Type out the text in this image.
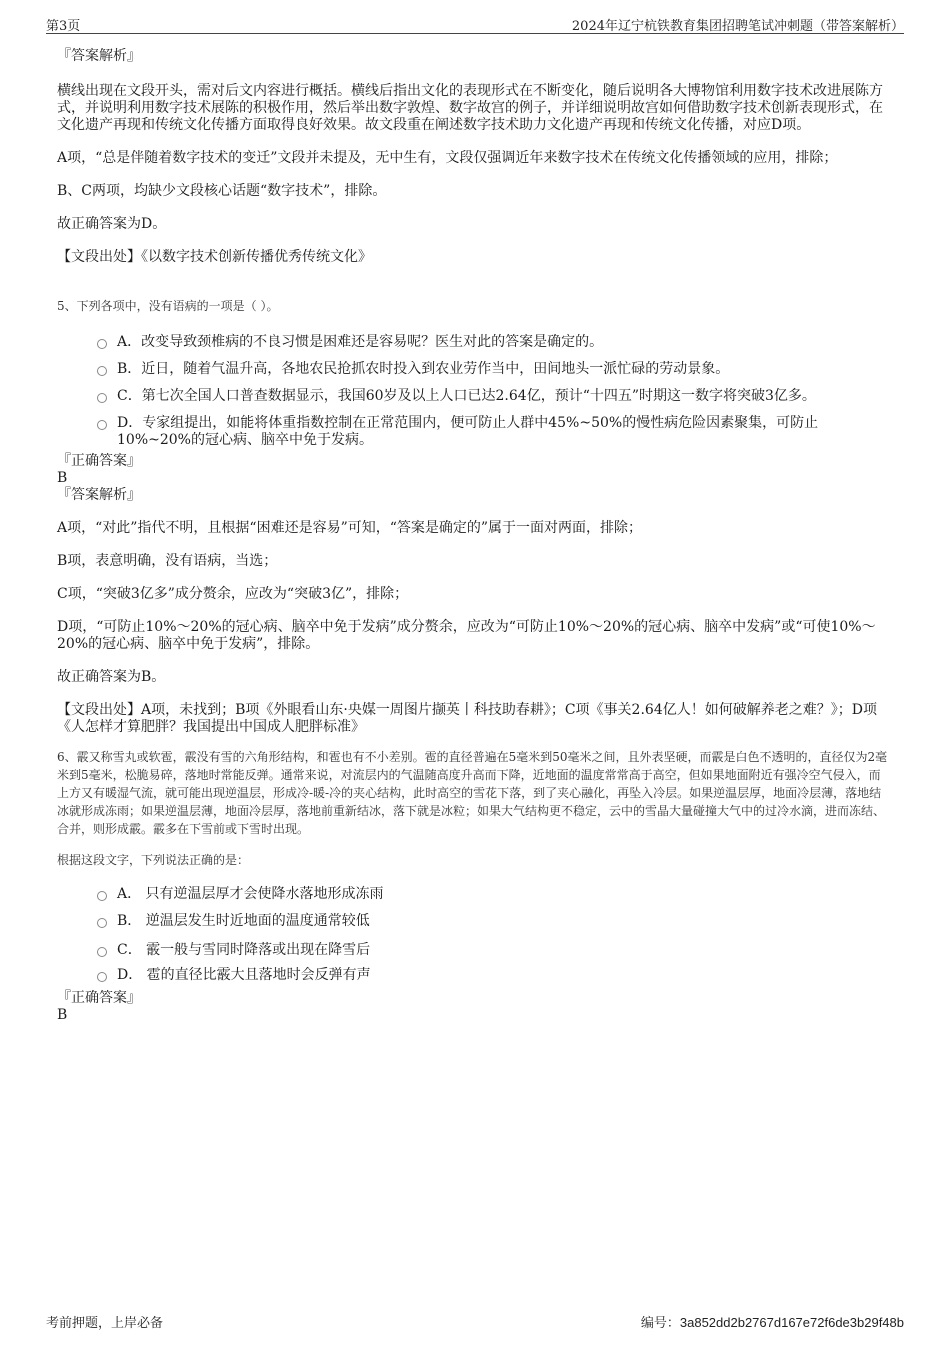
第3页	2024年辽宁杭铁教育集团招聘笔试冲刺题（带答案解析）

『答案解析』

横线出现在文段开头，需对后文内容进行概括。横线后指出文化的表现形式在不断变化，随后说明各大博物馆利用数字技术改进展陈方式，并说明利用数字技术展陈的积极作用，然后举出数字敦煌、数字故宫的例子，并详细说明故宫如何借助数字技术创新表现形式，在文化遗产再现和传统文化传播方面取得良好效果。故文段重在阐述数字技术助力文化遗产再现和传统文化传播，对应D项。

A项，“总是伴随着数字技术的变迁”文段并未提及，无中生有，文段仅强调近年来数字技术在传统文化传播领域的应用，排除；

B、C两项，均缺少文段核心话题“数字技术”，排除。

故正确答案为D。

【文段出处】《以数字技术创新传播优秀传统文化》

5、下列各项中，没有语病的一项是（ ）。

A．改变导致颈椎病的不良习惯是困难还是容易呢？医生对此的答案是确定的。
B．近日，随着气温升高，各地农民抢抓农时投入到农业劳作当中，田间地头一派忙碌的劳动景象。
C．第七次全国人口普查数据显示，我国60岁及以上人口已达2.64亿，预计“十四五”时期这一数字将突破3亿多。
D．专家组提出，如能将体重指数控制在正常范围内，便可防止人群中45%~50%的慢性病危险因素聚集，可防止10%~20%的冠心病、脑卒中免于发病。

『正确答案』

B

『答案解析』

A项，“对此”指代不明，且根据“困难还是容易”可知，“答案是确定的”属于一面对两面，排除；

B项，表意明确，没有语病，当选；

C项，“突破3亿多”成分赘余，应改为“突破3亿”，排除；

D项，“可防止10%～20%的冠心病、脑卒中免于发病”成分赘余，应改为“可防止10%～20%的冠心病、脑卒中发病”或“可使10%～20%的冠心病、脑卒中免于发病”，排除。

故正确答案为B。

【文段出处】A项，未找到；B项《外眼看山东·央媒一周图片撷英丨科技助春耕》；C项《事关2.64亿人！如何破解养老之难？》；D项《人怎样才算肥胖？我国提出中国成人肥胖标准》

6、霰又称雪丸或软雹，霰没有雪的六角形结构，和雹也有不小差别。雹的直径普遍在5毫米到50毫米之间，且外表坚硬，而霰是白色不透明的，直径仅为2毫米到5毫米，松脆易碎，落地时常能反弹。通常来说，对流层内的气温随高度升高而下降，近地面的温度常常高于高空，但如果地面附近有强冷空气侵入，而上方又有暖湿气流，就可能出现逆温层，形成冷-暖-冷的夹心结构，此时高空的雪花下落，到了夹心融化，再坠入冷层。如果逆温层厚，地面冷层薄，落地结冰就形成冻雨；如果逆温层薄，地面冷层厚，落地前重新结冰，落下就是冰粒；如果大气结构更不稳定，云中的雪晶大量碰撞大气中的过冷水滴，进而冻结、合并，则形成霰。霰多在下雪前或下雪时出现。

根据这段文字，下列说法正确的是：

A． 只有逆温层厚才会使降水落地形成冻雨
B． 逆温层发生时近地面的温度通常较低
C． 霰一般与雪同时降落或出现在降雪后
D． 雹的直径比霰大且落地时会反弹有声

『正确答案』

B

考前押题，上岸必备	编号：3a852dd2b2767d167e72f6de3b29f48b
